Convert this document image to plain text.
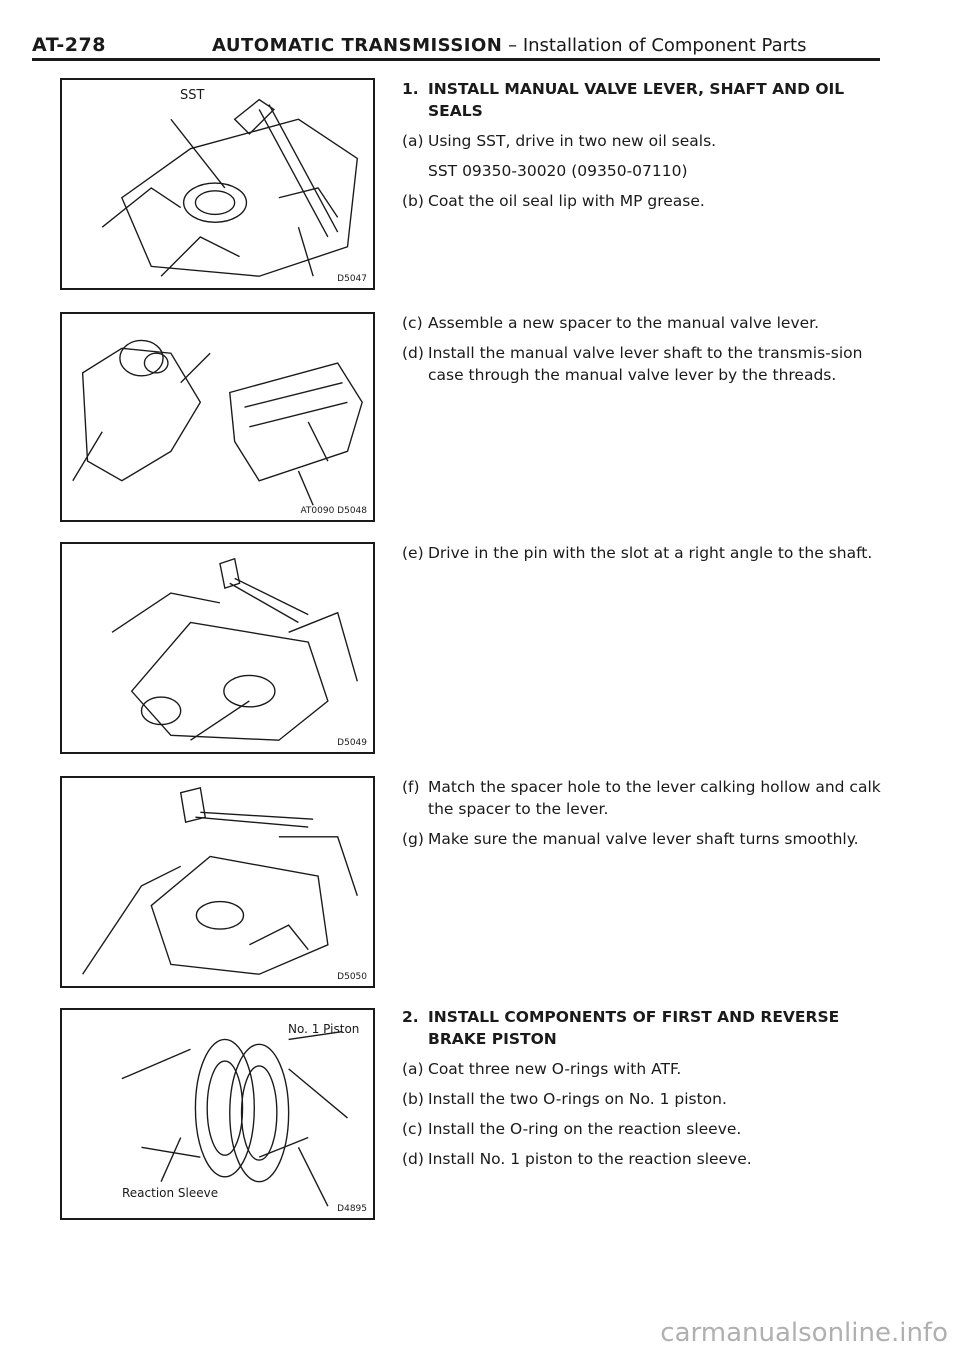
AT-278	AUTOMATIC TRANSMISSION – Installation of Component Parts
SST
D5047
AT0090 D5048
D5049
D5050
No. 1 Piston
Reaction Sleeve
D4895
1. INSTALL MANUAL VALVE LEVER, SHAFT AND OIL SEALS
(a) Using SST, drive in two new oil seals.
SST 09350-30020 (09350-07110)
(b) Coat the oil seal lip with MP grease.
(c) Assemble a new spacer to the manual valve lever.
(d) Install the manual valve lever shaft to the transmis-sion case through the manual valve lever by the threads.
(e) Drive in the pin with the slot at a right angle to the shaft.
(f) Match the spacer hole to the lever calking hollow and calk the spacer to the lever.
(g) Make sure the manual valve lever shaft turns smoothly.
2. INSTALL COMPONENTS OF FIRST AND REVERSE BRAKE PISTON
(a) Coat three new O-rings with ATF.
(b) Install the two O-rings on No. 1 piston.
(c) Install the O-ring on the reaction sleeve.
(d) Install No. 1 piston to the reaction sleeve.
carmanualsonline.info
